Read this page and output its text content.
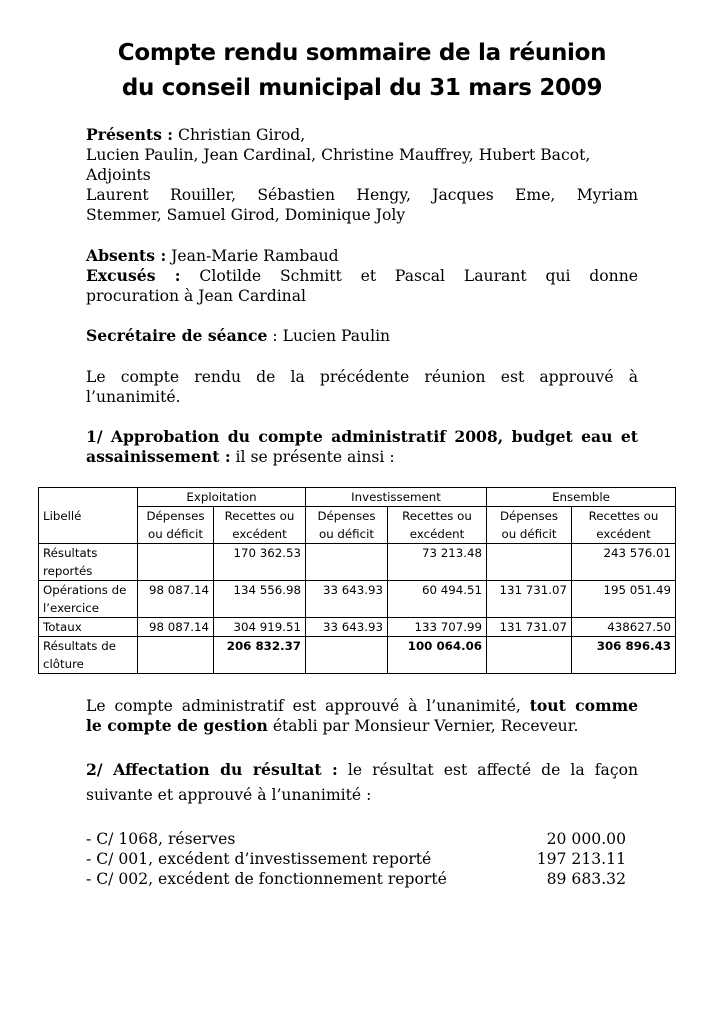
Compte rendu sommaire de la réunion
du conseil municipal du 31 mars 2009
Présents : Christian Girod,
Lucien Paulin, Jean Cardinal, Christine Mauffrey, Hubert Bacot,
Adjoints
Laurent Rouiller, Sébastien Hengy, Jacques Eme, Myriam
Stemmer, Samuel Girod, Dominique Joly
Absents : Jean-Marie Rambaud
Excusés : Clotilde Schmitt et Pascal Laurant qui donne
procuration à Jean Cardinal
Secrétaire de séance : Lucien Paulin
Le compte rendu de la précédente réunion est approuvé à
l’unanimité.
1/ Approbation du compte administratif 2008, budget eau et
assainissement : il se présente ainsi :
Libellé	Exploitation		Investissement		Ensemble	
	Dépenses ou déficit	Recettes ou excédent	Dépenses ou déficit	Recettes ou excédent	Dépenses ou déficit	Recettes ou excédent
Résultats reportés		170 362.53		73 213.48		243 576.01
Opérations de l’exercice	98 087.14	134 556.98	33 643.93	60 494.51	131 731.07	195 051.49
Totaux	98 087.14	304 919.51	33 643.93	133 707.99	131 731.07	438627.50
Résultats de clôture		206 832.37		100 064.06		306 896.43
Le compte administratif est approuvé à l’unanimité, tout comme
le compte de gestion établi par Monsieur Vernier, Receveur.
2/ Affectation du résultat : le résultat est affecté de la façon
suivante et approuvé à l’unanimité :
- C/ 1068, réserves	20 000.00
- C/ 001, excédent d’investissement reporté	197 213.11
- C/ 002, excédent de fonctionnement reporté	89 683.32
